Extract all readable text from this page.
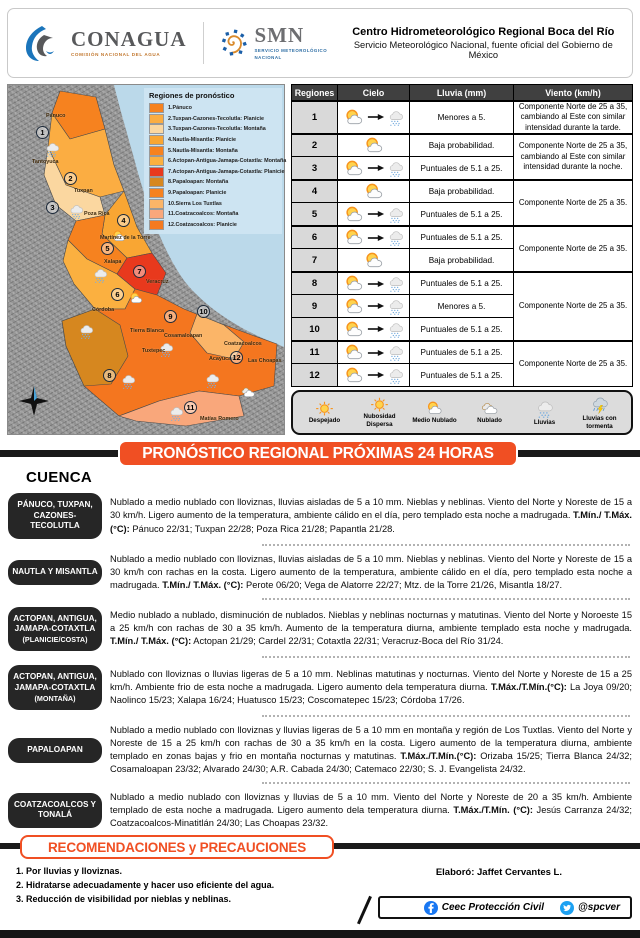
CONAGUA
COMISIÓN NACIONAL DEL AGUA
SMN
SERVICIO METEOROLÓGICO NACIONAL
Centro Hidrometeorológico Regional Boca del Río
Servicio Meteorológico Nacional, fuente oficial del Gobierno de México
Regiones de pronóstico
1.Pánuco
2.Tuxpan-Cazones-Tecolutla: Planicie
3.Tuxpan-Cazones-Tecolutla: Montaña
4.Nautla-Misantla: Planicie
5.Nautla-Misantla: Montaña
6.Actopan-Antigua-Jamapa-Cotaxtla: Montaña
7.Actopan-Antigua-Jamapa-Cotaxtla: Planicie
8.Papaloapan: Montaña
9.Papaloapan: Planicie
10.Sierra Los Tuxtlas
11.Coatzacoalcos: Montaña
12.Coatzacoalcos: Planicie
Pánuco
Tantoyuca
Tuxpan
Poza Rica
Martínez de la Torre
Xalapa
Veracruz
Córdoba
Tierra Blanca
Cosamaloapan
Tuxtepec
Acayucan
Coatzacoalcos
Las Choapas
Matías Romero
1
2
3
4
5
6
7
8
9
10
11
12
Regiones	Cielo	Lluvia (mm)	Viento (km/h)
1		Menores a 5.	Componente Norte de 25 a 35, cambiando al Este con similar intensidad durante la tarde.
2		Baja probabilidad.	Componente Norte de 25 a 35, cambiando al Este con similar intensidad durante la noche.
3		Puntuales de 5.1 a 25.	
4		Baja probabilidad.	Componente Norte de 25 a 35.
5		Puntuales de 5.1 a 25.	
6		Puntuales de 5.1 a 25.	Componente Norte de 25 a 35.
7		Baja probabilidad.	
8		Puntuales de 5.1 a 25.	Componente Norte de 25 a 35.
9		Menores a 5.	
10		Puntuales de 5.1 a 25.	
11		Puntuales de 5.1 a 25.	Componente Norte de 25 a 35.
12		Puntuales de 5.1 a 25.	
Despejado
Nubosidad Dispersa
Medio Nublado	Nublado	Lluvias
Lluvias con tormenta
PRONÓSTICO REGIONAL PRÓXIMAS 24 HORAS
CUENCA
PÁNUCO, TUXPAN, CAZONES-TECOLUTLA
Nublado a medio nublado con lloviznas, lluvias aisladas de 5 a 10 mm. Nieblas y neblinas. Viento del Norte y Noreste de 15 a 30 km/h. Ligero aumento de la temperatura, ambiente cálido en el día, pero templado esta noche a madrugada. T.Mín./ T.Máx. (°C): Pánuco 22/31; Tuxpan 22/28; Poza Rica 21/28; Papantla 21/28.
NAUTLA Y MISANTLA
Nublado a medio nublado con lloviznas, lluvias aisladas de 5 a 10 mm. Nieblas y neblinas. Viento del Norte y Noreste de 15 a 30 km/h con rachas en la costa. Ligero aumento de la temperatura, ambiente cálido en el día, pero templado esta noche a madrugada. T.Mín./ T.Máx. (°C): Perote 06/20; Vega de Alatorre 22/27; Mtz. de la Torre 21/26, Misantla 18/27.
ACTOPAN, ANTIGUA, JAMAPA-COTAXTLA
(PLANICIE/COSTA)
Medio nublado a nublado, disminución de nublados. Nieblas y neblinas nocturnas y matutinas. Viento del Norte y Noroeste 15 a 25 km/h con rachas de 30 a 35 km/h. Aumento de la temperatura diurna, ambiente templado esta noche y madrugada. T.Mín./ T.Máx. (°C): Actopan 21/29; Cardel 22/31; Cotaxtla 22/31; Veracruz-Boca del Río 31/24.
ACTOPAN, ANTIGUA, JAMAPA-COTAXTLA
(MONTAÑA)
Nublado con lloviznas o lluvias ligeras de 5 a 10 mm. Neblinas matutinas y nocturnas. Viento del Norte y Noreste de 15 a 25 km/h. Ambiente frio de esta noche a madrugada. Ligero aumento dela temperatura diurna. T.Máx./T.Mín.(°C): La Joya 09/20; Naolinco 15/23; Xalapa 16/24; Huatusco 15/23; Coscomatepec 15/23; Córdoba 17/26.
PAPALOAPAN
Nublado a medio nublado con lloviznas y lluvias ligeras de 5 a 10 mm en montaña y región de Los Tuxtlas. Viento del Norte y Noreste de 15 a 25 km/h con rachas de 30 a 35 km/h en la costa. Ligero aumento de la temperatura diurna, ambiente templado en zonas bajas y frio en montaña nocturnas y matutinas. T.Máx./T.Mín.(°C): Orizaba 15/25; Tierra Blanca 24/32; Cosamaloapan 23/32; Alvarado 24/30; A.R. Cabada 24/30; Catemaco 22/30; S. J. Evangelista 24/32.
COATZACOALCOS Y TONALÁ
Nublado a medio nublado con lloviznas y lluvias de 5 a 10 mm. Viento del Norte y Noreste de 20 a 35 km/h. Ambiente templado de esta noche a madrugada. Ligero aumento dela temperatura diurna. T.Máx./T.Mín. (°C): Jesús Carranza 24/32; Coatzacoalcos-Minatitlán 24/30; Las Choapas 23/32.
RECOMENDACIONES y PRECAUCIONES
1. Por lluvias y lloviznas.
2. Hidratarse adecuadamente y hacer uso eficiente del agua.
3. Reducción de visibilidad por nieblas y neblinas.
Elaboró: Jaffet Cervantes L.
Ceec Protección Civil	@spcver
